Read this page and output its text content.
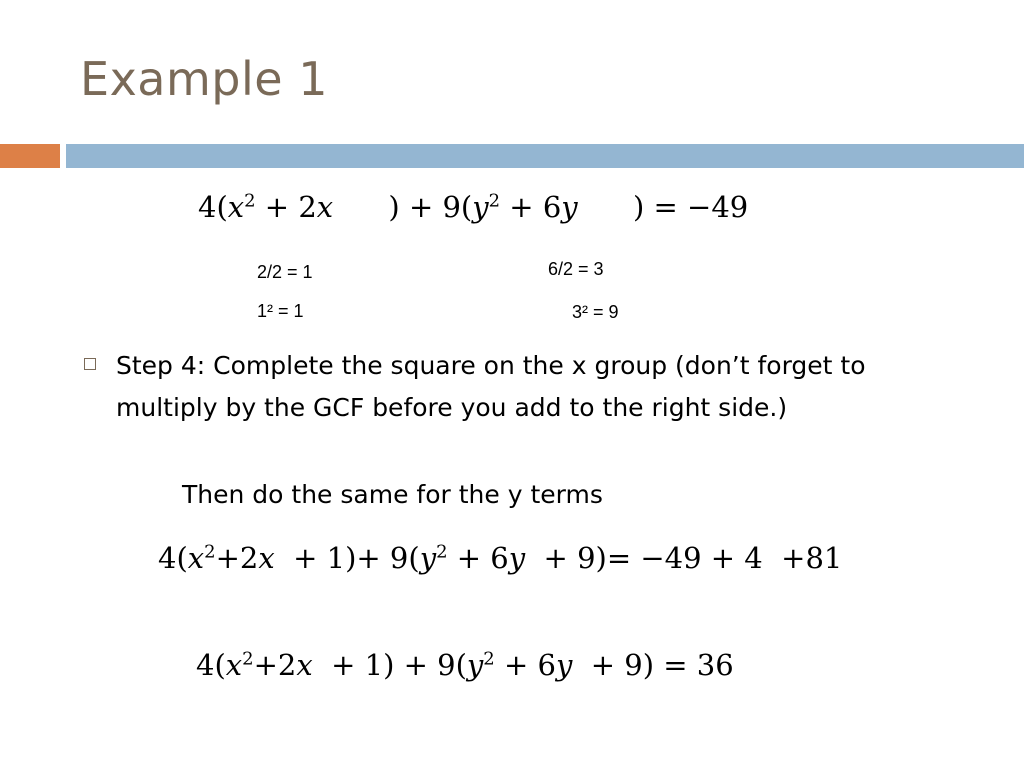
Example 1
$4(x^2 + 2x$      ) + $9(y^2 + 6y$      ) = −49
2/2 = 1
1² = 1
6/2 = 3
3² = 9
Step 4: Complete the square on the x group (don’t forget to multiply by the GCF before you add to the right side.)
Then do the same for the y terms
$4(x^2+2x + 1)+ 9(y^2 + 6y + 9)= -49 + 4 +81$
$4(x^2+2x + 1) + 9(y^2 + 6y + 9) = 36$
